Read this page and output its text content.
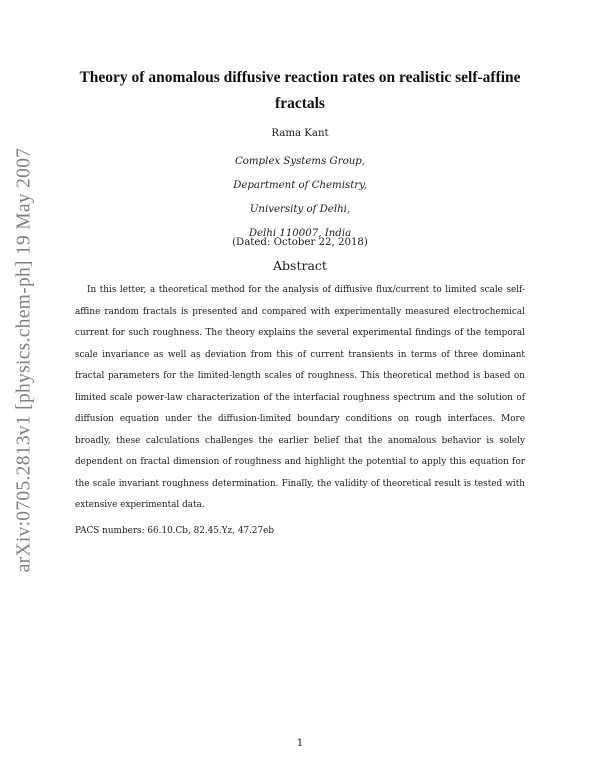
arXiv:0705.2813v1 [physics.chem-ph] 19 May 2007
Theory of anomalous diffusive reaction rates on realistic self-affine
fractals
Rama Kant
Complex Systems Group,
Department of Chemistry,
University of Delhi,
Delhi 110007, India
(Dated: October 22, 2018)
Abstract

In this letter, a theoretical method for the analysis of diffusive flux/current to limited scale self-affine random fractals is presented and compared with experimentally measured electrochemical current for such roughness. The theory explains the several experimental findings of the temporal scale invariance as well as deviation from this of current transients in terms of three dominant fractal parameters for the limited-length scales of roughness. This theoretical method is based on limited scale power-law characterization of the interfacial roughness spectrum and the solution of diffusion equation under the diffusion-limited boundary conditions on rough interfaces. More broadly, these calculations challenges the earlier belief that the anomalous behavior is solely dependent on fractal dimension of roughness and highlight the potential to apply this equation for the scale invariant roughness determination. Finally, the validity of theoretical result is tested with extensive experimental data.

PACS numbers: 66.10.Cb, 82.45.Yz, 47.27eb
1
